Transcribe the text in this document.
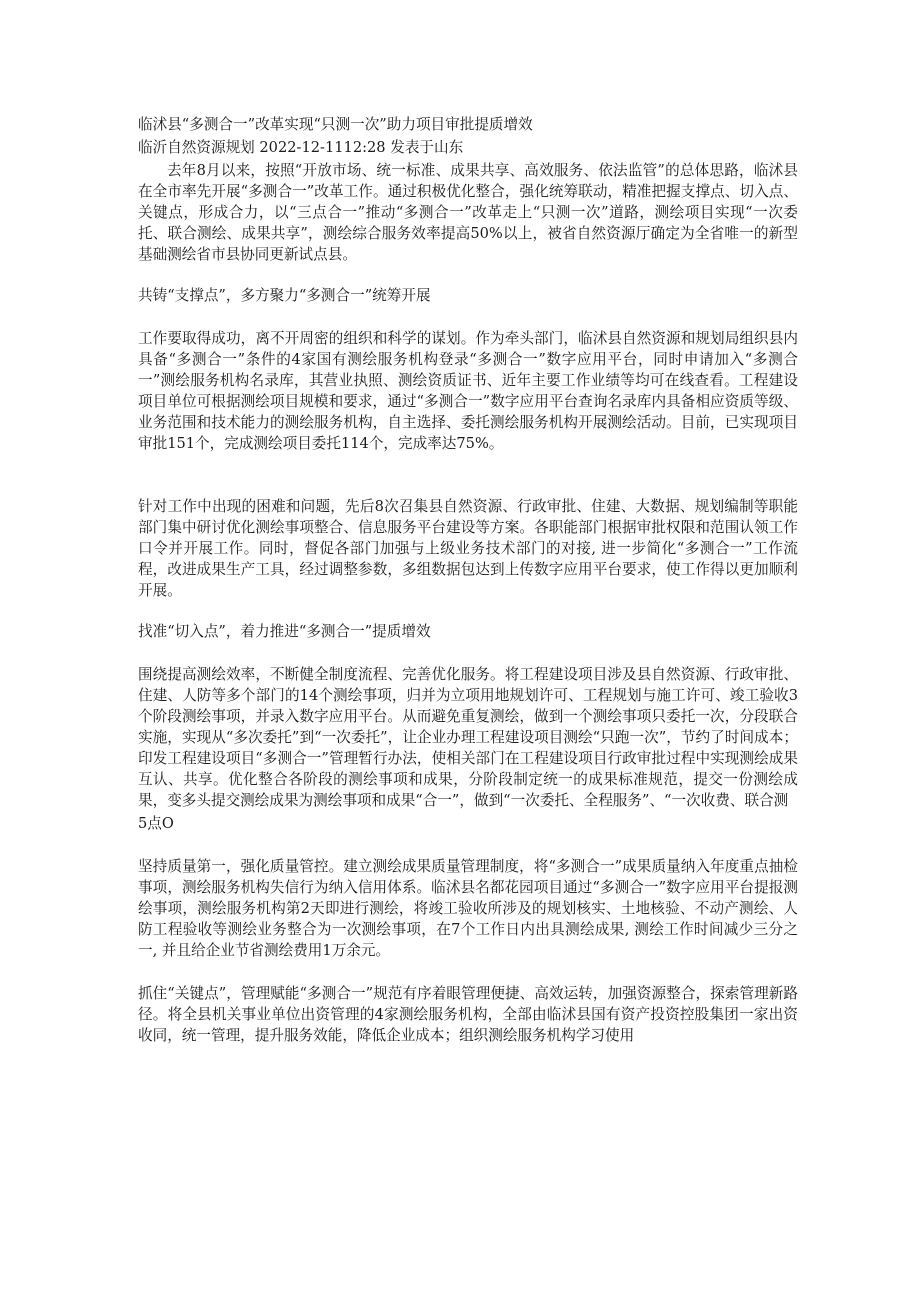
临沭县“多测合一”改革实现“只测一次”助力项目审批提质增效

临沂自然资源规划 2022-12-1112:28 发表于山东

去年8月以来，按照“开放市场、统一标准、成果共享、高效服务、依法监管”的总体思路，临沭县在全市率先开展“多测合一”改革工作。通过积极优化整合，强化统筹联动，精准把握支撑点、切入点、关键点，形成合力，以“三点合一”推动“多测合一”改革走上“只测一次”道路，测绘项目实现“一次委托、联合测绘、成果共享”，测绘综合服务效率提高50%以上，被省自然资源厅确定为全省唯一的新型基础测绘省市县协同更新试点县。

共铸“支撑点”，多方聚力“多测合一”统筹开展

工作要取得成功，离不开周密的组织和科学的谋划。作为牵头部门，临沭县自然资源和规划局组织县内具备“多测合一”条件的4家国有测绘服务机构登录“多测合一”数字应用平台，同时申请加入“多测合一”测绘服务机构名录库，其营业执照、测绘资质证书、近年主要工作业绩等均可在线查看。工程建设项目单位可根据测绘项目规模和要求，通过“多测合一”数字应用平台查询名录库内具备相应资质等级、业务范围和技术能力的测绘服务机构，自主选择、委托测绘服务机构开展测绘活动。目前，已实现项目审批151个，完成测绘项目委托114个，完成率达75%。

针对工作中出现的困难和问题，先后8次召集县自然资源、行政审批、住建、大数据、规划编制等职能部门集中研讨优化测绘事项整合、信息服务平台建设等方案。各职能部门根据审批权限和范围认领工作口令并开展工作。同时，督促各部门加强与上级业务技术部门的对接, 进一步简化“多测合一”工作流程，改进成果生产工具，经过调整参数，多组数据包达到上传数字应用平台要求，使工作得以更加顺利开展。

找准“切入点”，着力推进“多测合一”提质增效

围绕提高测绘效率，不断健全制度流程、完善优化服务。将工程建设项目涉及县自然资源、行政审批、住建、人防等多个部门的14个测绘事项，归并为立项用地规划许可、工程规划与施工许可、竣工验收3个阶段测绘事项，并录入数字应用平台。从而避免重复测绘，做到一个测绘事项只委托一次，分段联合实施，实现从“多次委托”到“一次委托”，让企业办理工程建设项目测绘“只跑一次”，节约了时间成本；印发工程建设项目“多测合一”管理暂行办法，使相关部门在工程建设项目行政审批过程中实现测绘成果互认、共享。优化整合各阶段的测绘事项和成果，分阶段制定统一的成果标准规范，提交一份测绘成果，变多头提交测绘成果为测绘事项和成果“合一”，做到“一次委托、全程服务”、“一次收费、联合测

5点O

坚持质量第一，强化质量管控。建立测绘成果质量管理制度，将“多测合一”成果质量纳入年度重点抽检事项，测绘服务机构失信行为纳入信用体系。临沭县名都花园项目通过“多测合一”数字应用平台提报测绘事项，测绘服务机构第2天即进行测绘，将竣工验收所涉及的规划核实、土地核验、不动产测绘、人防工程验收等测绘业务整合为一次测绘事项，在7个工作日内出具测绘成果, 测绘工作时间减少三分之一, 并且给企业节省测绘费用1万余元。

抓住“关键点”，管理赋能“多测合一”规范有序着眼管理便捷、高效运转，加强资源整合，探索管理新路径。将全县机关事业单位出资管理的4家测绘服务机构，全部由临沭县国有资产投资控股集团一家出资收同，统一管理，提升服务效能，降低企业成本；组织测绘服务机构学习使用
